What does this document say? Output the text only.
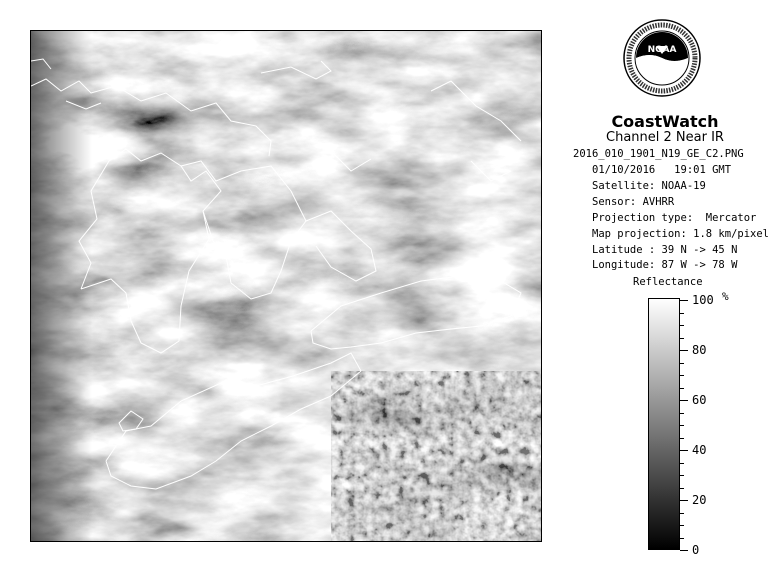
NOAA
CoastWatch
Channel 2 Near IR
2016_010_1901_N19_GE_C2.PNG
01/10/2016   19:01 GMT
Satellite: NOAA-19
Sensor: AVHRR
Projection type:  Mercator
Map projection: 1.8 km/pixel
Latitude : 39 N -> 45 N
Longitude: 87 W -> 78 W
Reflectance
%
100
80
60
40
20
0
